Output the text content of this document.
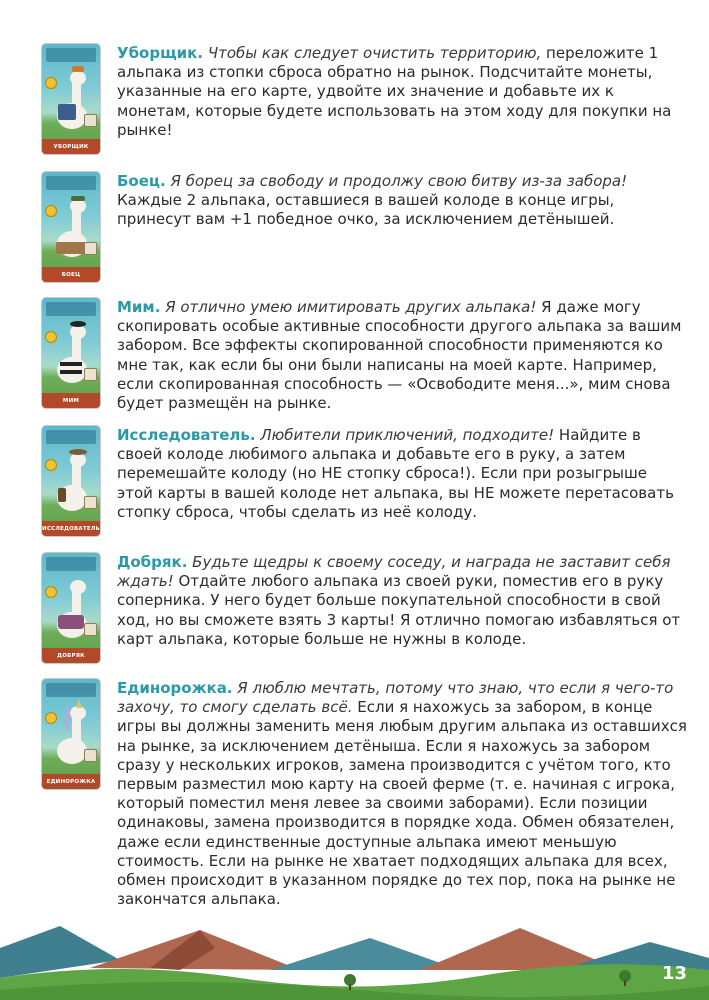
УБОРЩИК
Уборщик. Чтобы как следует очистить территорию, переложите 1 альпака из стопки сброса обратно на рынок. Подсчитайте монеты, указанные на его карте, удвойте их значение и добавьте их к монетам, которые будете использовать на этом ходу для покупки на рынке!
БОЕЦ
Боец. Я борец за свободу и продолжу свою битву из-за забора! Каждые 2 альпака, оставшиеся в вашей колоде в конце игры, принесут вам +1 победное очко, за исключением детёнышей.
МИМ
Мим. Я отлично умею имитировать других альпака! Я даже могу скопировать особые активные способности другого альпака за вашим забором. Все эффекты скопированной способности применяются ко мне так, как если бы они были написаны на моей карте. Например, если скопированная способность — «Освободите меня...», мим снова будет размещён на рынке.
ИССЛЕДОВАТЕЛЬ
Исследователь. Любители приключений, подходите! Найдите в своей колоде любимого альпака и добавьте его в руку, а затем перемешайте колоду (но НЕ стопку сброса!). Если при розыгрыше этой карты в вашей колоде нет альпака, вы НЕ можете перетасовать стопку сброса, чтобы сделать из неё колоду.
ДОБРЯК
Добряк. Будьте щедры к своему соседу, и награда не заставит себя ждать! Отдайте любого альпака из своей руки, поместив его в руку соперника. У него будет больше покупательной способности в свой ход, но вы сможете взять 3 карты! Я отлично помогаю избавляться от карт альпака, которые больше не нужны в колоде.
ЕДИНОРОЖКА
Единорожка. Я люблю мечтать, потому что знаю, что если я чего-то захочу, то смогу сделать всё. Если я нахожусь за забором, в конце игры вы должны заменить меня любым другим альпака из оставшихся на рынке, за исключением детёныша. Если я нахожусь за забором сразу у нескольких игроков, замена производится с учётом того, кто первым разместил мою карту на своей ферме (т. е. начиная с игрока, который поместил меня левее за своими заборами). Если позиции одинаковы, замена производится в порядке хода. Обмен обязателен, даже если единственные доступные альпака имеют меньшую стоимость. Если на рынке не хватает подходящих альпака для всех, обмен происходит в указанном порядке до тех пор, пока на рынке не закончатся альпака.
13
